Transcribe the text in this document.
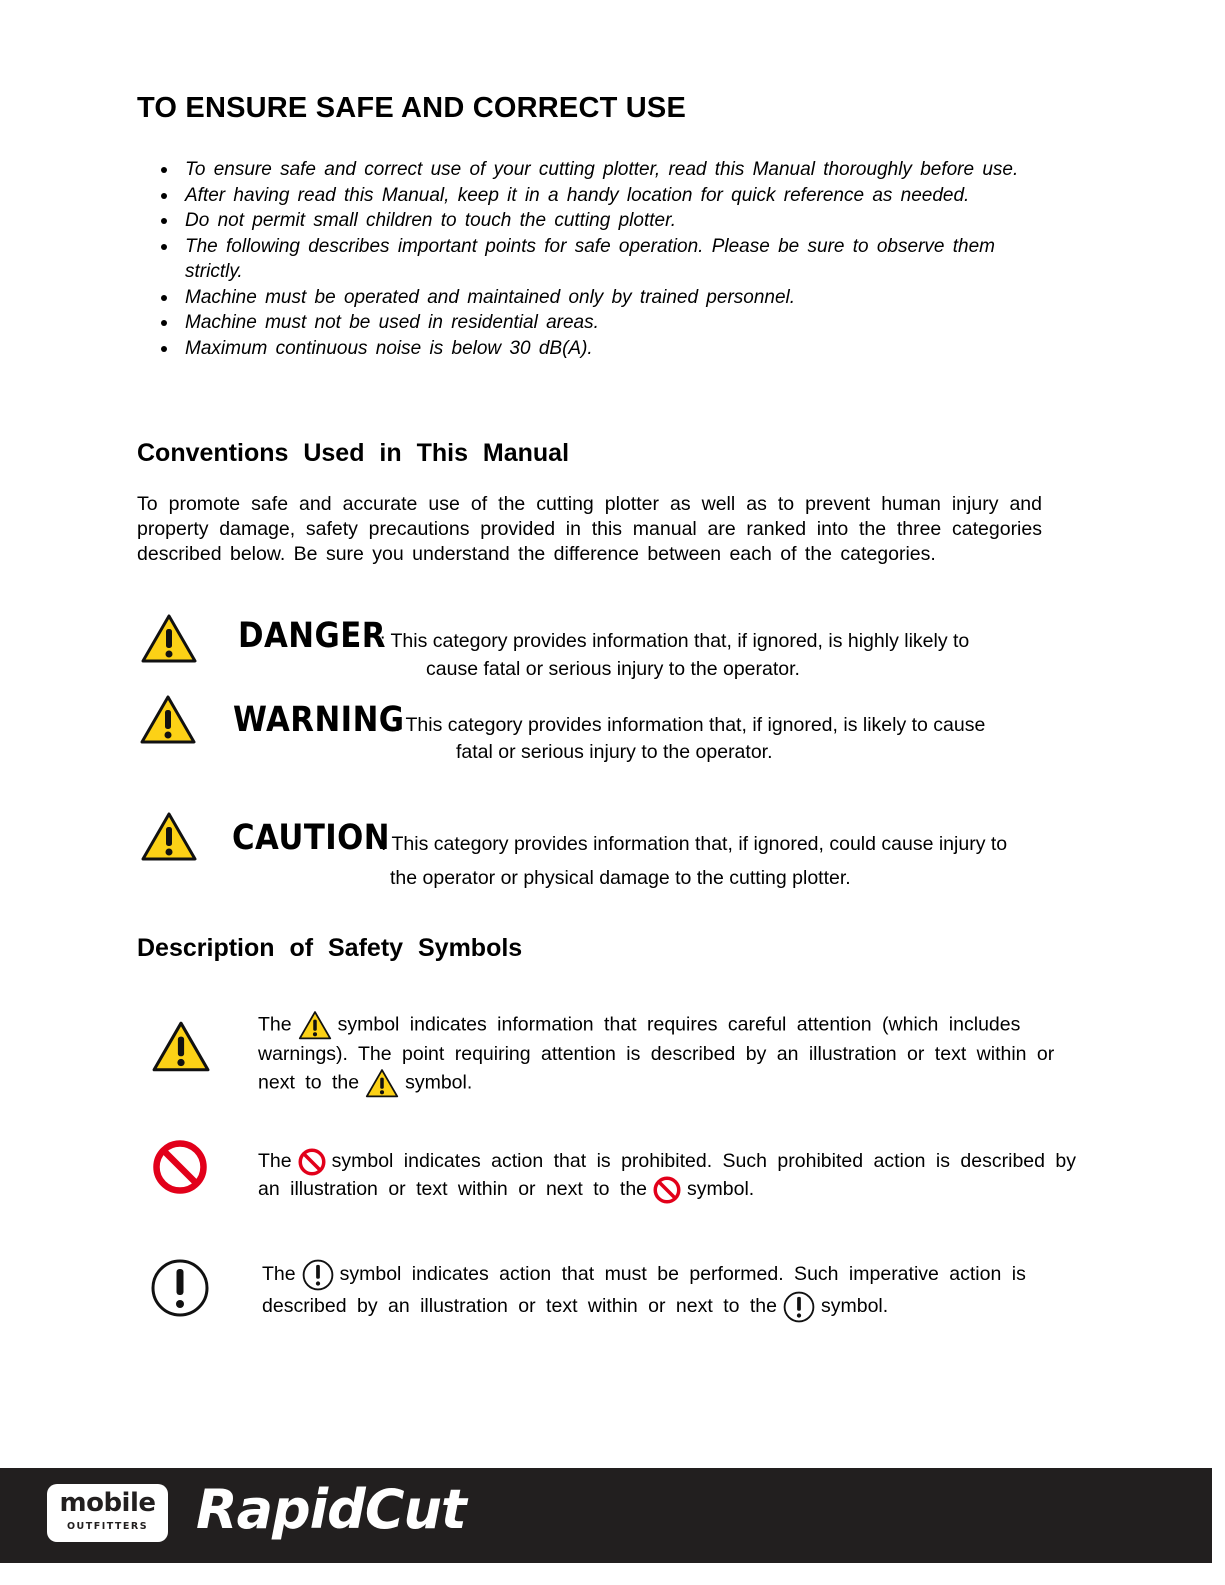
TO ENSURE SAFE AND CORRECT USE
To ensure safe and correct use of your cutting plotter, read this Manual thoroughly before use.
After having read this Manual, keep it in a handy location for quick reference as needed.
Do not permit small children to touch the cutting plotter.
The following describes important points for safe operation. Please be sure to observe them strictly.
Machine must be operated and maintained only by trained personnel.
Machine must not be used in residential areas.
Maximum continuous noise is below 30 dB(A).
Conventions Used in This Manual

To promote safe and accurate use of the cutting plotter as well as to prevent human injury and property damage, safety precautions provided in this manual are ranked into the three categories described below. Be sure you understand the difference between each of the categories.

DANGER
: This category provides information that, if ignored, is highly likely to
cause fatal or serious injury to the operator.
WARNING
: This category provides information that, if ignored, is likely to cause
fatal or serious injury to the operator.
CAUTION
: This category provides information that, if ignored, could cause injury to
the operator or physical damage to the cutting plotter.
Description of Safety Symbols

The symbol indicates information that requires careful attention (which includes warnings). The point requiring attention is described by an illustration or text within or next to the symbol.

The symbol indicates action that is prohibited. Such prohibited action is described by an illustration or text within or next to the symbol.

The symbol indicates action that must be performed. Such imperative action is described by an illustration or text within or next to the symbol.

mobile
OUTFITTERS RapidCut
